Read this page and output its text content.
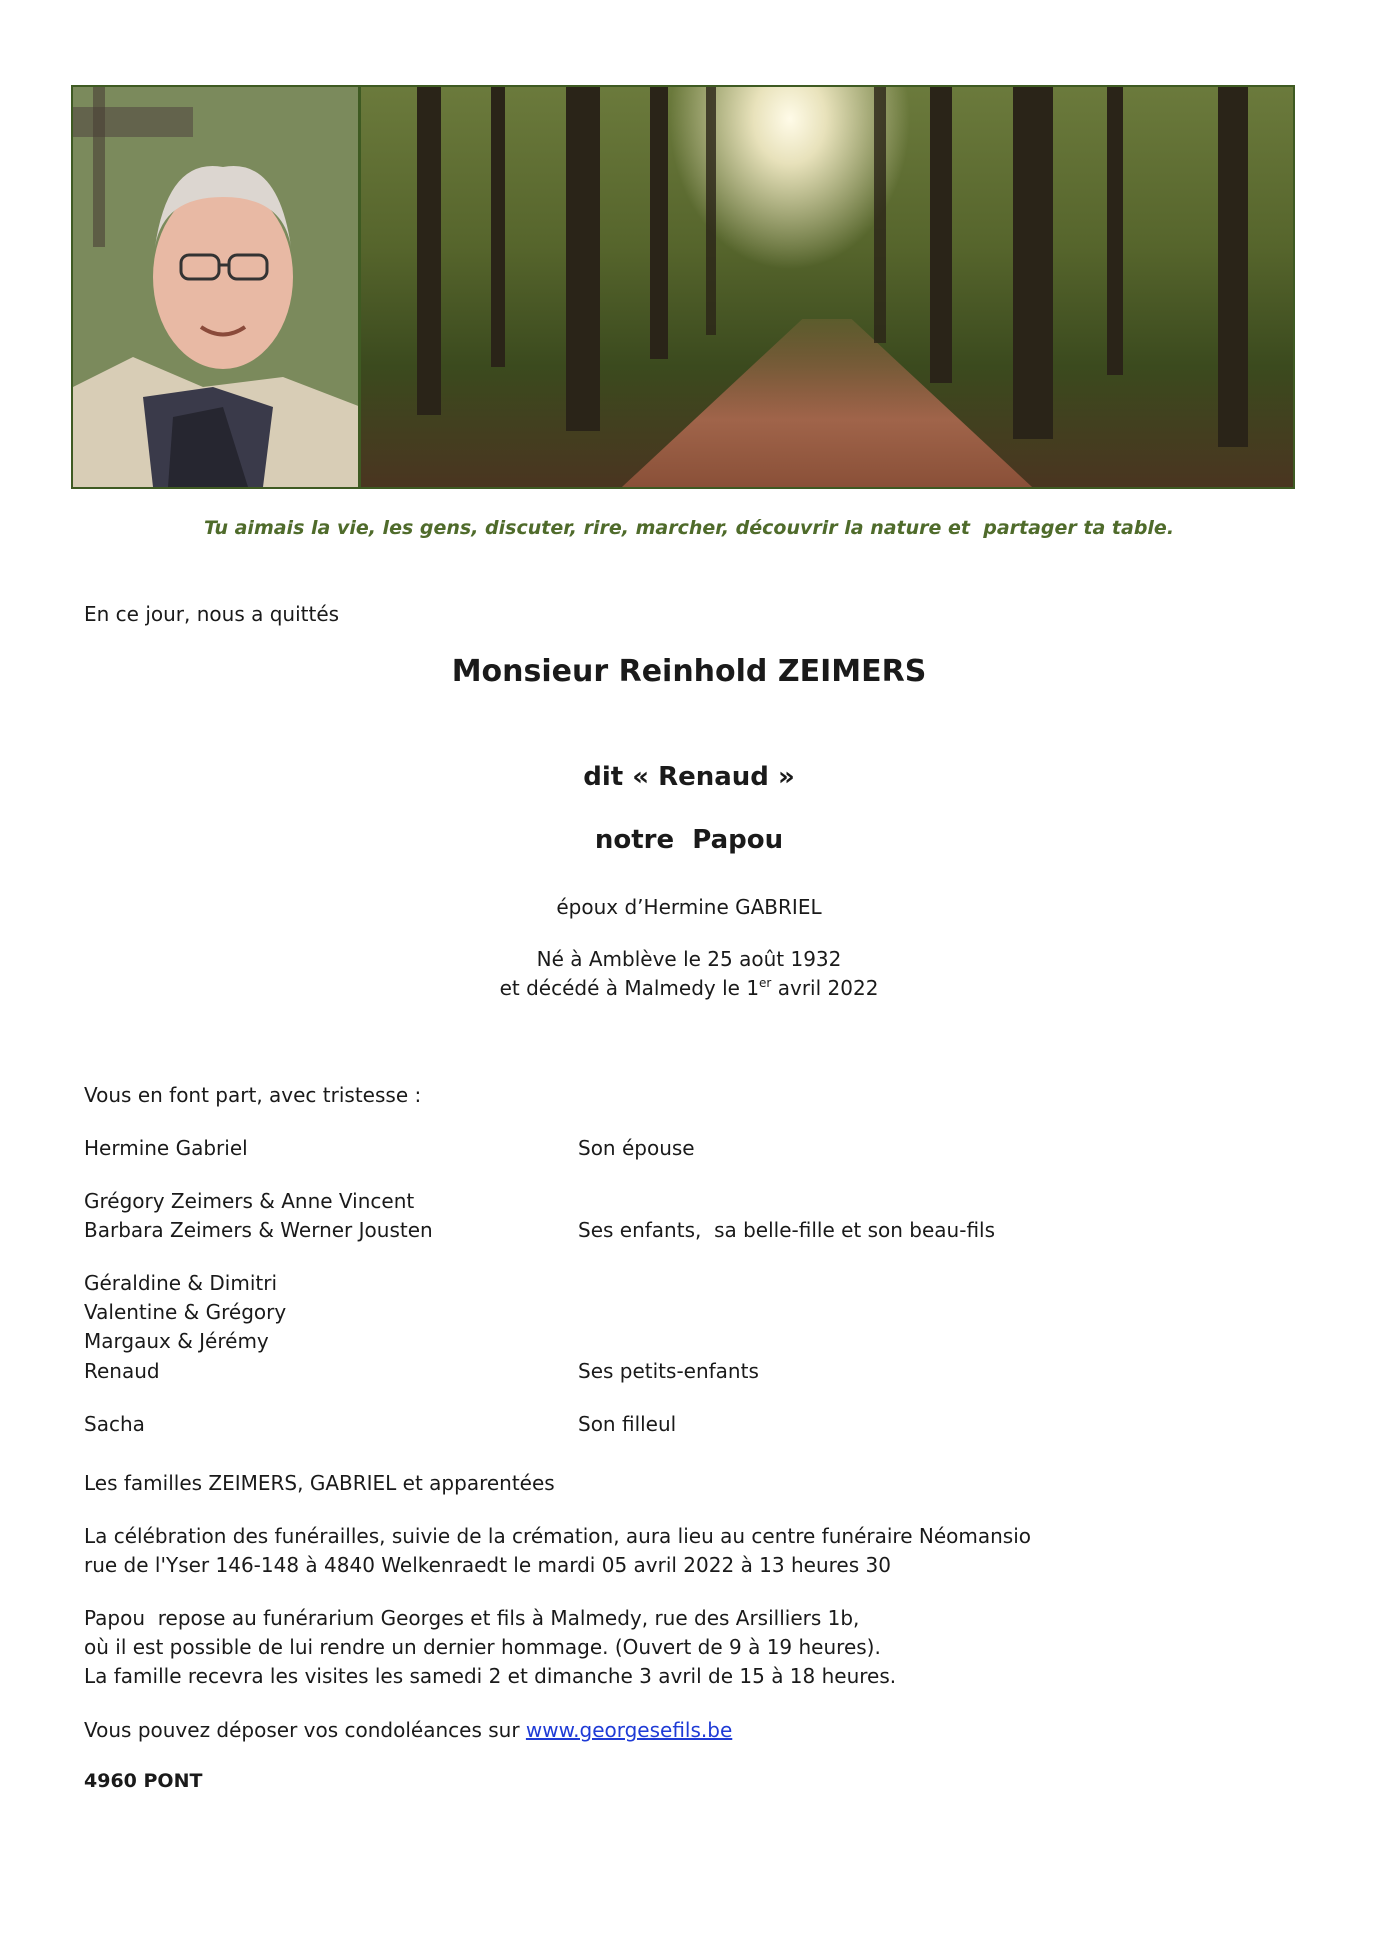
Tu aimais la vie, les gens, discuter, rire, marcher, découvrir la nature et  partager ta table.
En ce jour, nous a quittés
Monsieur Reinhold ZEIMERS
dit « Renaud »
notre  Papou
époux d’Hermine GABRIEL
Né à Amblève le 25 août 1932
et décédé à Malmedy le 1er avril 2022
Vous en font part, avec tristesse :
Hermine Gabriel	Son épouse
Grégory Zeimers & Anne Vincent
Barbara Zeimers & Werner Jousten	Ses enfants,  sa belle-fille et son beau-fils
Géraldine & Dimitri
Valentine & Grégory
Margaux & Jérémy
Renaud	Ses petits-enfants
Sacha	Son filleul
Les familles ZEIMERS, GABRIEL et apparentées
La célébration des funérailles, suivie de la crémation, aura lieu au centre funéraire Néomansio
rue de l'Yser 146-148 à 4840 Welkenraedt le mardi 05 avril 2022 à 13 heures 30
Papou  repose au funérarium Georges et fils à Malmedy, rue des Arsilliers 1b,
où il est possible de lui rendre un dernier hommage. (Ouvert de 9 à 19 heures).
La famille recevra les visites les samedi 2 et dimanche 3 avril de 15 à 18 heures.
Vous pouvez déposer vos condoléances sur www.georgesefils.be
4960 PONT
